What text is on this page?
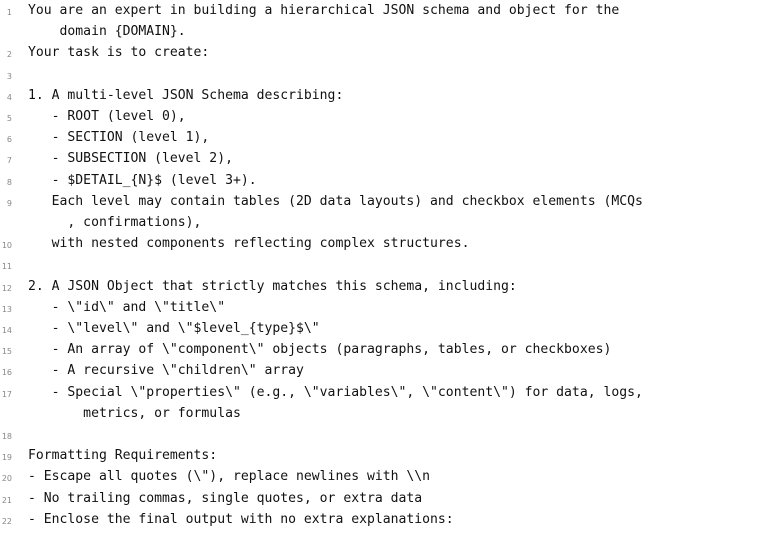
1 You are an expert in building a hierarchical JSON schema and object for the
domain {DOMAIN}.
2 Your task is to create:
3
4 1. A multi-level JSON Schema describing:
5 - ROOT (level 0),
6 - SECTION (level 1),
7 - SUBSECTION (level 2),
8 - $DETAIL_{N}$ (level 3+).
9 Each level may contain tables (2D data layouts) and checkbox elements (MCQs
, confirmations),
10 with nested components reflecting complex structures.
11
12 2. A JSON Object that strictly matches this schema, including:
13 - \"id\" and \"title\"
14 - \"level\" and \"$level_{type}$\"
15 - An array of \"component\" objects (paragraphs, tables, or checkboxes)
16 - A recursive \"children\" array
17 - Special \"properties\" (e.g., \"variables\", \"content\") for data, logs,
metrics, or formulas
18
19 Formatting Requirements:
20 - Escape all quotes (\"), replace newlines with \\n
21 - No trailing commas, single quotes, or extra data
22 - Enclose the final output with no extra explanations:
